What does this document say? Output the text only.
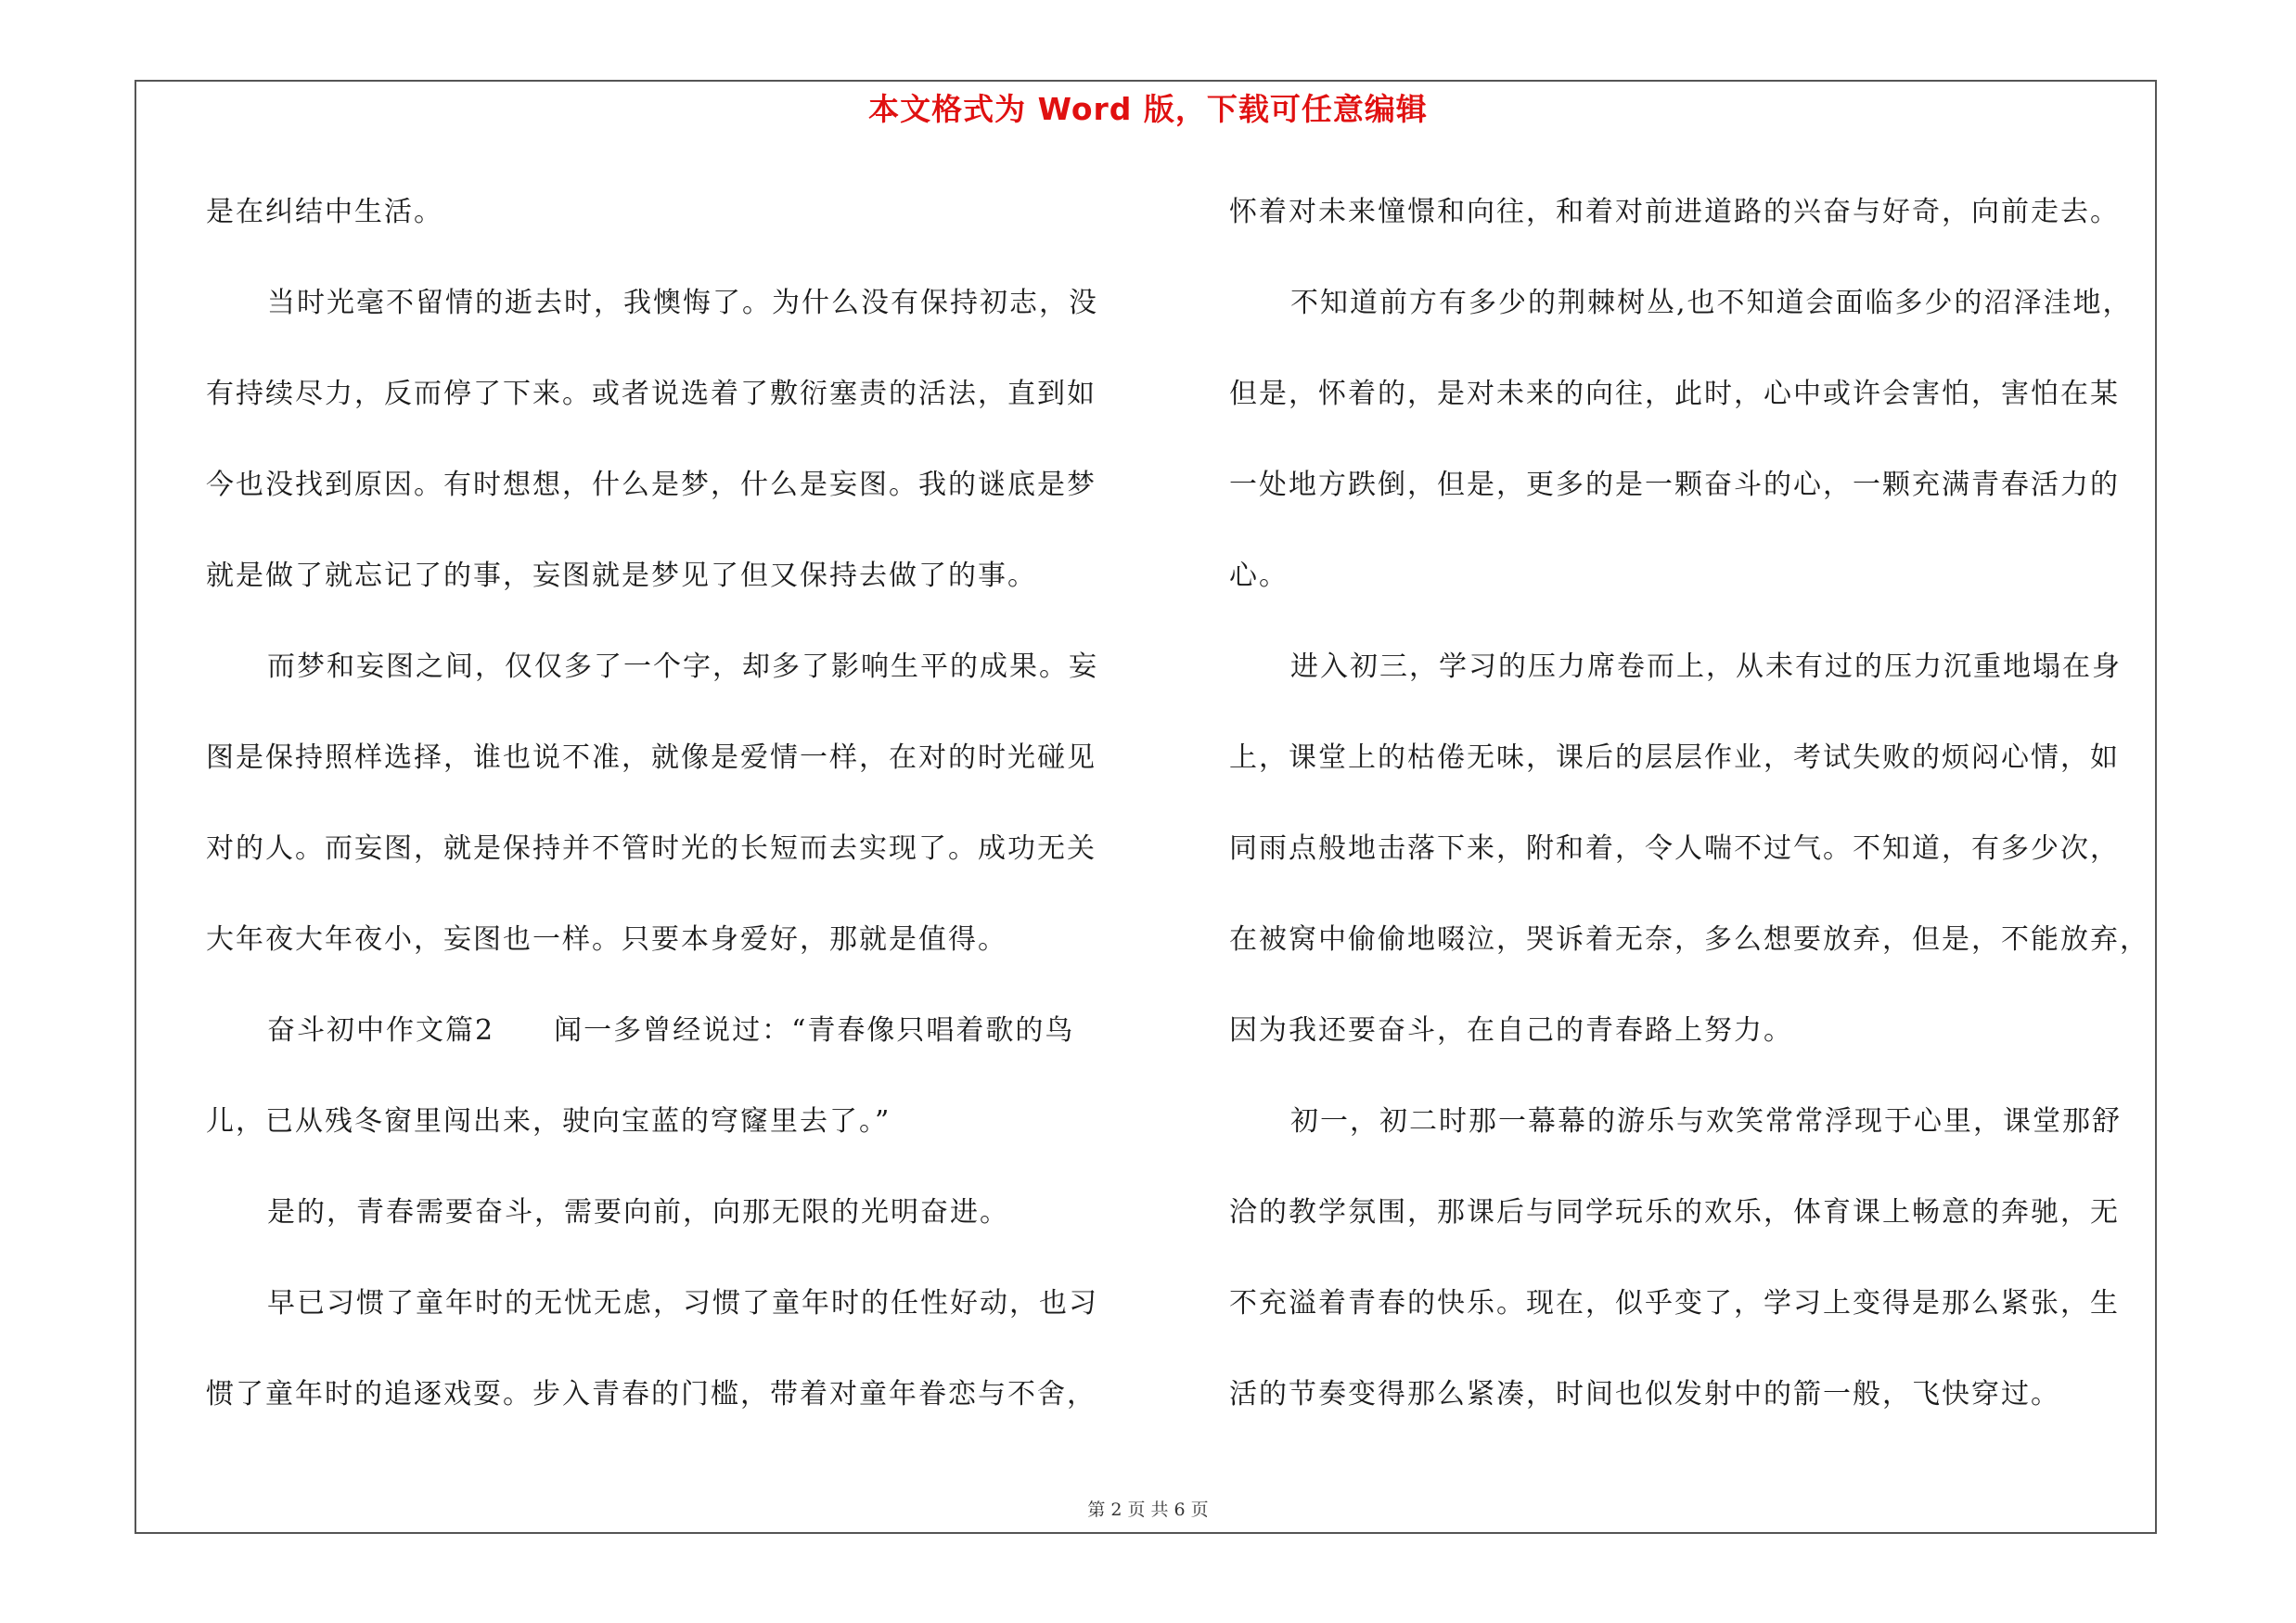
本文格式为 Word 版，下载可任意编辑
是在纠结中生活。
当时光毫不留情的逝去时，我懊悔了。为什么没有保持初志，没
有持续尽力，反而停了下来。或者说选着了敷衍塞责的活法，直到如
今也没找到原因。有时想想，什么是梦，什么是妄图。我的谜底是梦
就是做了就忘记了的事，妄图就是梦见了但又保持去做了的事。
而梦和妄图之间，仅仅多了一个字，却多了影响生平的成果。妄
图是保持照样选择，谁也说不准，就像是爱情一样，在对的时光碰见
对的人。而妄图，就是保持并不管时光的长短而去实现了。成功无关
大年夜大年夜小，妄图也一样。只要本身爱好，那就是值得。
奋斗初中作文篇2　　闻一多曾经说过：“青春像只唱着歌的鸟
儿，已从残冬窗里闯出来，驶向宝蓝的穹窿里去了。”
是的，青春需要奋斗，需要向前，向那无限的光明奋进。
早已习惯了童年时的无忧无虑，习惯了童年时的任性好动，也习
惯了童年时的追逐戏耍。步入青春的门槛，带着对童年眷恋与不舍，
怀着对未来憧憬和向往，和着对前进道路的兴奋与好奇，向前走去。
不知道前方有多少的荆棘树丛,也不知道会面临多少的沼泽洼地，
但是，怀着的，是对未来的向往，此时，心中或许会害怕，害怕在某
一处地方跌倒，但是，更多的是一颗奋斗的心，一颗充满青春活力的
心。
进入初三，学习的压力席卷而上，从未有过的压力沉重地塌在身
上，课堂上的枯倦无味，课后的层层作业，考试失败的烦闷心情，如
同雨点般地击落下来，附和着，令人喘不过气。不知道，有多少次，
在被窝中偷偷地啜泣，哭诉着无奈，多么想要放弃，但是，不能放弃，
因为我还要奋斗，在自己的青春路上努力。
初一，初二时那一幕幕的游乐与欢笑常常浮现于心里，课堂那舒
洽的教学氛围，那课后与同学玩乐的欢乐，体育课上畅意的奔驰，无
不充溢着青春的快乐。现在，似乎变了，学习上变得是那么紧张，生
活的节奏变得那么紧凑，时间也似发射中的箭一般，飞快穿过。
第 2 页 共 6 页
